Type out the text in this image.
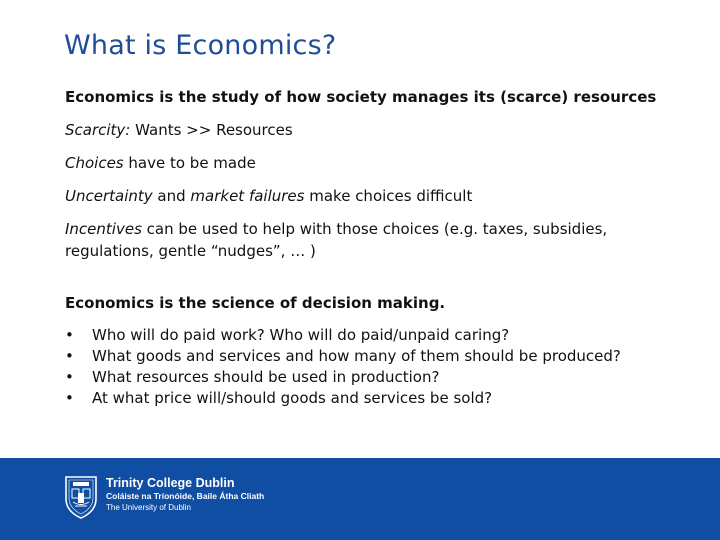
What is Economics?

Economics is the study of how society manages its (scarce) resources

Scarcity: Wants >> Resources

Choices have to be made

Uncertainty and market failures make choices difficult

Incentives can be used to help with those choices (e.g. taxes, subsidies, regulations, gentle “nudges”, … )

Economics is the science of decision making.

• Who will do paid work? Who will do paid/unpaid caring?
• What goods and services and how many of them should be produced?
• What resources should be used in production?
• At what price will/should goods and services be sold?
Trinity College Dublin
Coláiste na Tríonóide, Baile Átha Cliath
The University of Dublin
